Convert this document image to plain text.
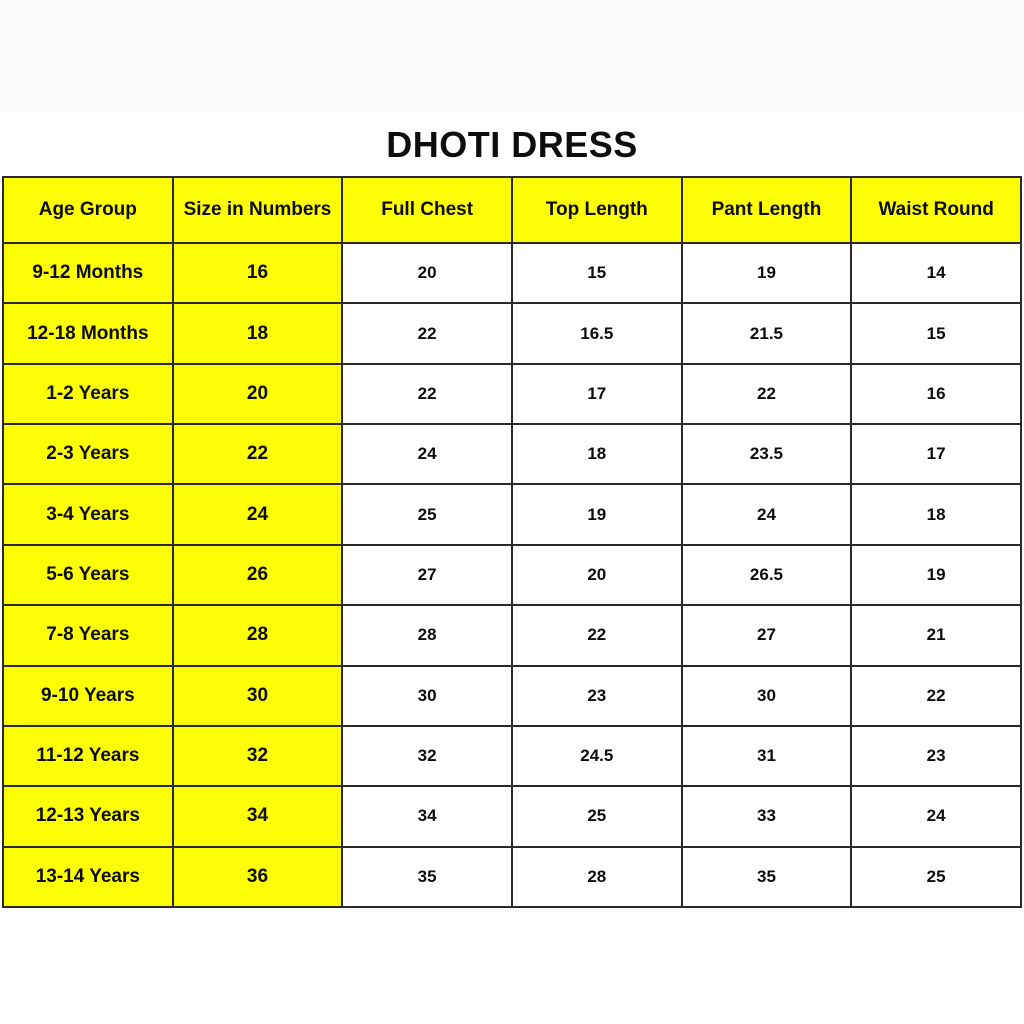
DHOTI DRESS
Age Group	Size in Numbers	Full Chest	Top Length	Pant Length	Waist Round
9-12 Months	16	20	15	19	14
12-18 Months	18	22	16.5	21.5	15
1-2 Years	20	22	17	22	16
2-3 Years	22	24	18	23.5	17
3-4 Years	24	25	19	24	18
5-6 Years	26	27	20	26.5	19
7-8 Years	28	28	22	27	21
9-10 Years	30	30	23	30	22
11-12 Years	32	32	24.5	31	23
12-13 Years	34	34	25	33	24
13-14 Years	36	35	28	35	25
